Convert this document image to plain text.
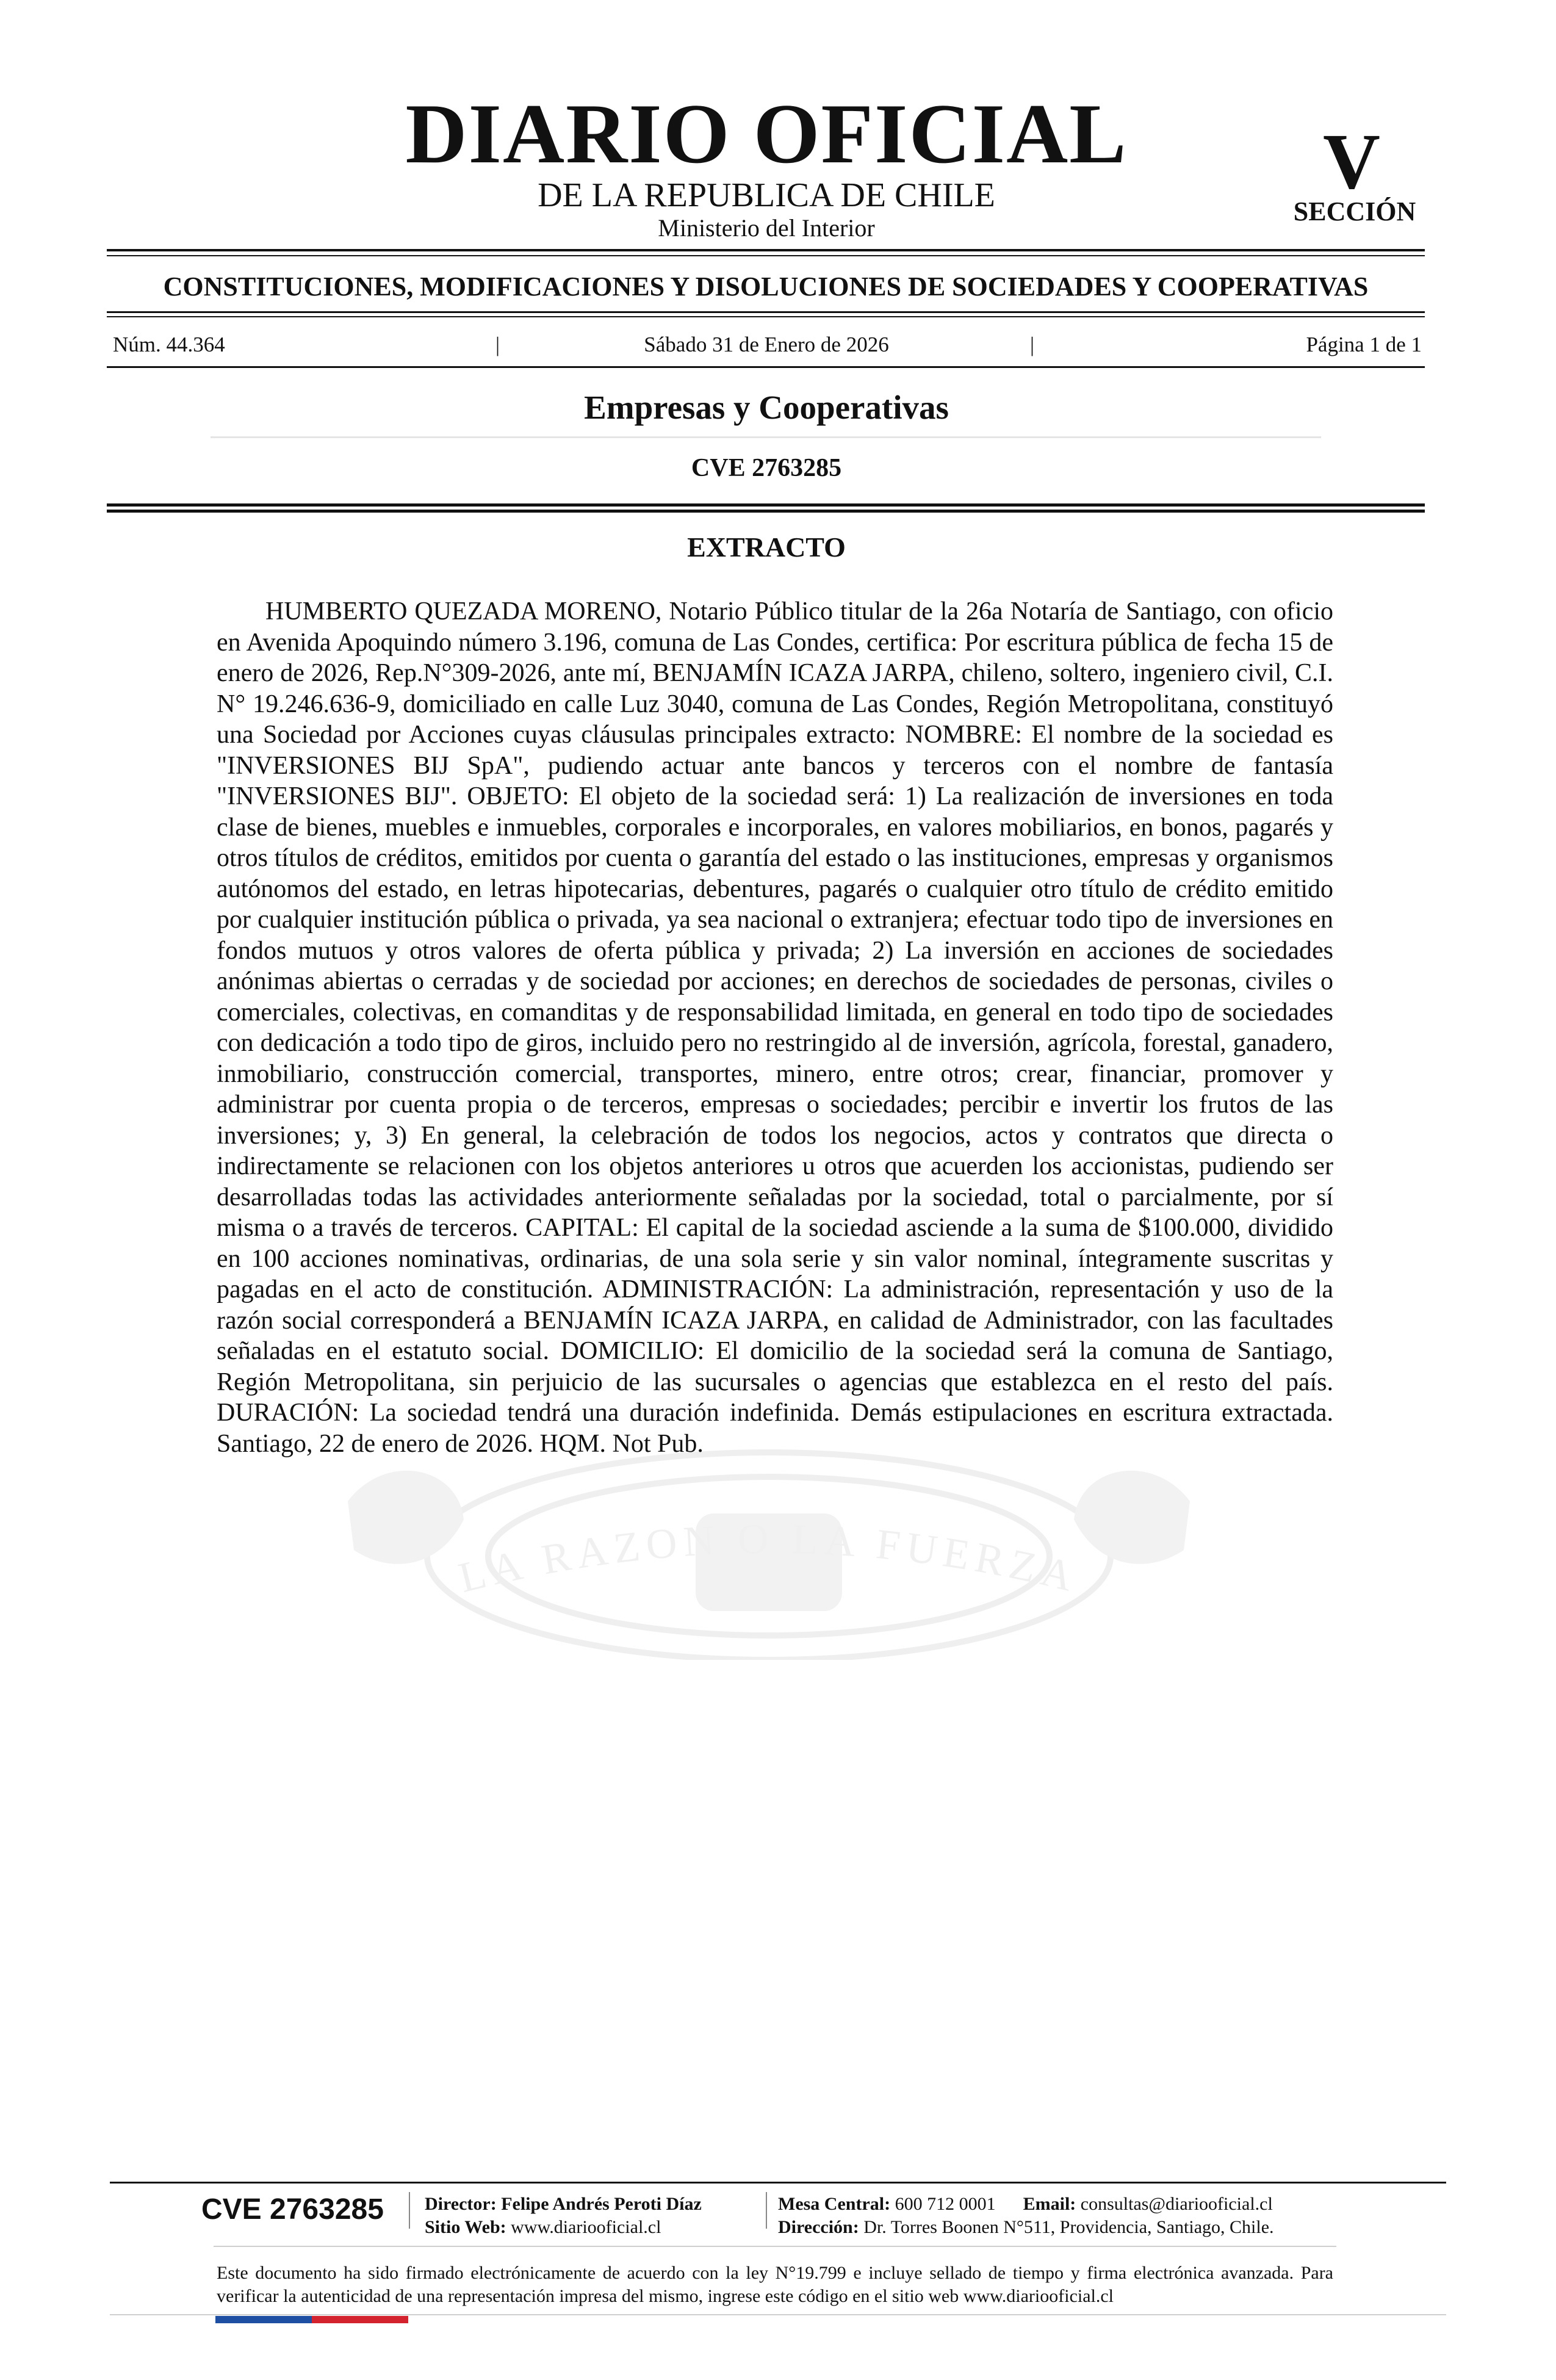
DIARIO OFICIAL
DE LA REPUBLICA DE CHILE
Ministerio del Interior
V
SECCIÓN
CONSTITUCIONES, MODIFICACIONES Y DISOLUCIONES DE SOCIEDADES Y COOPERATIVAS
Núm. 44.364	|	Sábado 31 de Enero de 2026	|	Página 1 de 1
Empresas y Cooperativas
CVE 2763285
LA RAZON O LA FUERZA
EXTRACTO
HUMBERTO QUEZADA MORENO, Notario Público titular de la 26a Notaría de Santiago, con oficio en Avenida Apoquindo número 3.196, comuna de Las Condes, certifica: Por escritura pública de fecha 15 de enero de 2026, Rep.N°309-2026, ante mí, BENJAMÍN ICAZA JARPA, chileno, soltero, ingeniero civil, C.I. N° 19.246.636-9, domiciliado en calle Luz 3040, comuna de Las Condes, Región Metropolitana, constituyó una Sociedad por Acciones cuyas cláusulas principales extracto: NOMBRE: El nombre de la sociedad es "INVERSIONES BIJ SpA", pudiendo actuar ante bancos y terceros con el nombre de fantasía "INVERSIONES BIJ". OBJETO: El objeto de la sociedad será: 1) La realización de inversiones en toda clase de bienes, muebles e inmuebles, corporales e incorporales, en valores mobiliarios, en bonos, pagarés y otros títulos de créditos, emitidos por cuenta o garantía del estado o las instituciones, empresas y organismos autónomos del estado, en letras hipotecarias, debentures, pagarés o cualquier otro título de crédito emitido por cualquier institución pública o privada, ya sea nacional o extranjera; efectuar todo tipo de inversiones en fondos mutuos y otros valores de oferta pública y privada; 2) La inversión en acciones de sociedades anónimas abiertas o cerradas y de sociedad por acciones; en derechos de sociedades de personas, civiles o comerciales, colectivas, en comanditas y de responsabilidad limitada, en general en todo tipo de sociedades con dedicación a todo tipo de giros, incluido pero no restringido al de inversión, agrícola, forestal, ganadero, inmobiliario, construcción comercial, transportes, minero, entre otros; crear, financiar, promover y administrar por cuenta propia o de terceros, empresas o sociedades; percibir e invertir los frutos de las inversiones; y, 3) En general, la celebración de todos los negocios, actos y contratos que directa o indirectamente se relacionen con los objetos anteriores u otros que acuerden los accionistas, pudiendo ser desarrolladas todas las actividades anteriormente señaladas por la sociedad, total o parcialmente, por sí misma o a través de terceros. CAPITAL: El capital de la sociedad asciende a la suma de $100.000, dividido en 100 acciones nominativas, ordinarias, de una sola serie y sin valor nominal, íntegramente suscritas y pagadas en el acto de constitución. ADMINISTRACIÓN: La administración, representación y uso de la razón social corresponderá a BENJAMÍN ICAZA JARPA, en calidad de Administrador, con las facultades señaladas en el estatuto social. DOMICILIO: El domicilio de la sociedad será la comuna de Santiago, Región Metropolitana, sin perjuicio de las sucursales o agencias que establezca en el resto del país. DURACIÓN: La sociedad tendrá una duración indefinida. Demás estipulaciones en escritura extractada. Santiago, 22 de enero de 2026. HQM. Not Pub.
CVE 2763285	Director: Felipe Andrés Peroti Díaz
Sitio Web: www.diariooficial.cl
Mesa Central: 600 712 0001 Email: consultas@diariooficial.cl
Dirección: Dr. Torres Boonen N°511, Providencia, Santiago, Chile.
Este documento ha sido firmado electrónicamente de acuerdo con la ley N°19.799 e incluye sellado de tiempo y firma electrónica avanzada. Para verificar la autenticidad de una representación impresa del mismo, ingrese este código en el sitio web www.diariooficial.cl
